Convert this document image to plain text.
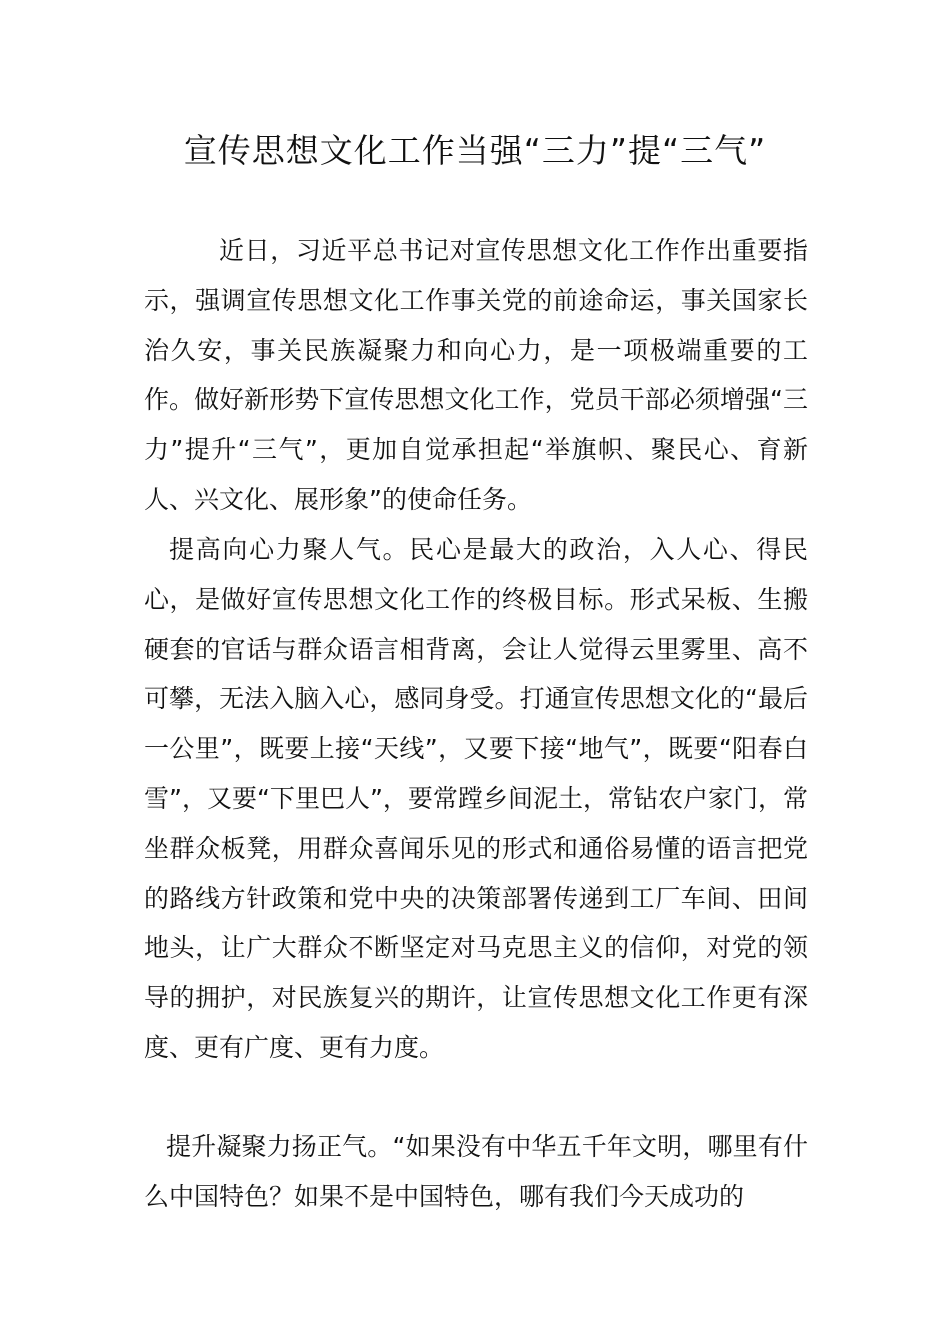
宣传思想文化工作当强“三力”提“三气”

近日，习近平总书记对宣传思想文化工作作出重要指示，强调宣传思想文化工作事关党的前途命运，事关国家长治久安，事关民族凝聚力和向心力，是一项极端重要的工作。做好新形势下宣传思想文化工作，党员干部必须增强“三力”提升“三气”，更加自觉承担起“举旗帜、聚民心、育新人、兴文化、展形象”的使命任务。

提高向心力聚人气。民心是最大的政治，入人心、得民心，是做好宣传思想文化工作的终极目标。形式呆板、生搬硬套的官话与群众语言相背离，会让人觉得云里雾里、高不可攀，无法入脑入心，感同身受。打通宣传思想文化的“最后一公里”，既要上接“天线”，又要下接“地气”，既要“阳春白雪”，又要“下里巴人”，要常蹚乡间泥土，常钻农户家门，常坐群众板凳，用群众喜闻乐见的形式和通俗易懂的语言把党的路线方针政策和党中央的决策部署传递到工厂车间、田间地头，让广大群众不断坚定对马克思主义的信仰，对党的领导的拥护，对民族复兴的期许，让宣传思想文化工作更有深度、更有广度、更有力度。

提升凝聚力扬正气。“如果没有中华五千年文明，哪里有什么中国特色？如果不是中国特色，哪有我们今天成功的
